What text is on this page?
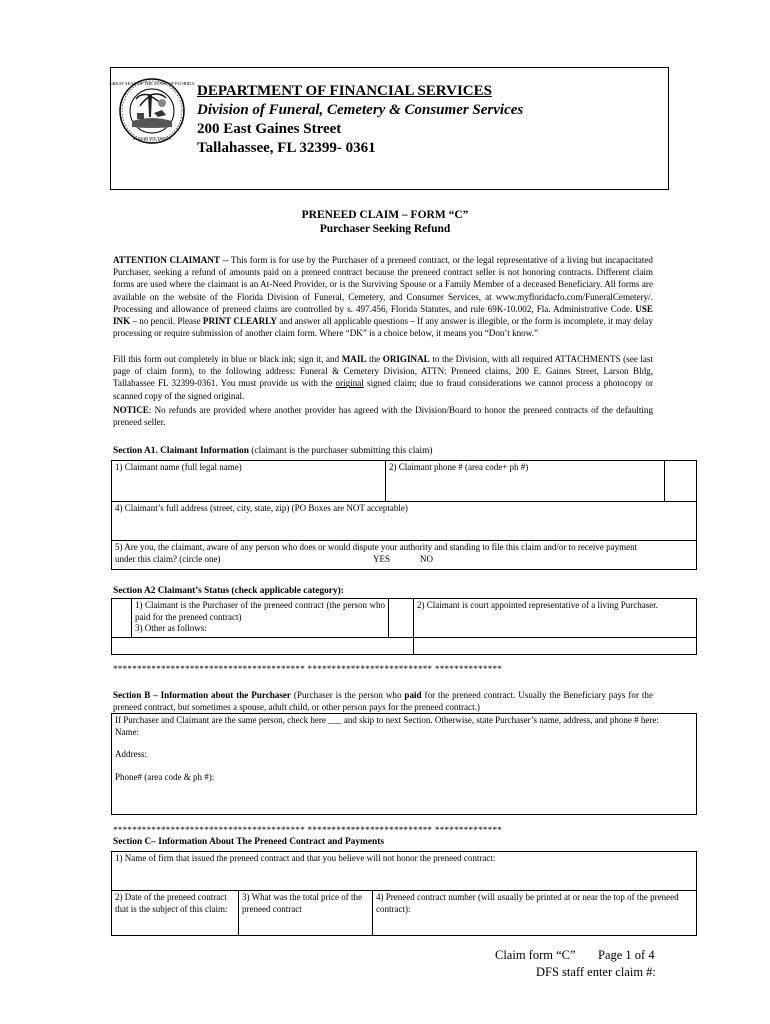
GREAT SEAL OF THE STATE OF FLORIDA
IN GOD WE TRUST
DEPARTMENT OF FINANCIAL SERVICES
Division of Funeral, Cemetery & Consumer Services
200 East Gaines Street
Tallahassee, FL 32399- 0361
PRENEED CLAIM – FORM “C”
Purchaser Seeking Refund
ATTENTION CLAIMANT -- This form is for use by the Purchaser of a preneed contract, or the legal representative of a living but incapacitated Purchaser, seeking a refund of amounts paid on a preneed contract because the preneed contract seller is not honoring contracts. Different claim forms are used where the claimant is an At-Need Provider, or is the Surviving Spouse or a Family Member of a deceased Beneficiary. All forms are available on the website of the Florida Division of Funeral, Cemetery, and Consumer Services, at www.myfloridacfo.com/FuneralCemetery/. Processing and allowance of preneed claims are controlled by s. 497.456, Florida Statutes, and rule 69K-10.002, Fla. Administrative Code. USE INK – no pencil. Please PRINT CLEARLY and answer all applicable questions – If any answer is illegible, or the form is incomplete, it may delay processing or require submission of another claim form. Where “DK” is a choice below, it means you “Don’t know.”
Fill this form out completely in blue or black ink; sign it, and MAIL the ORIGINAL to the Division, with all required ATTACHMENTS (see last page of claim form), to the following address: Funeral & Cemetery Division, ATTN: Preneed claims, 200 E. Gaines Street, Larson Bldg, Tallahassee FL 32399-0361. You must provide us with the original signed claim; due to fraud considerations we cannot process a photocopy or scanned copy of the signed original.
NOTICE: No refunds are provided where another provider has agreed with the Division/Board to honor the preneed contracts of the defaulting preneed seller.
Section A1. Claimant Information (claimant is the purchaser submitting this claim)
1) Claimant name (full legal name)	2) Claimant phone # (area code+ ph #)
4) Claimant’s full address (street, city, state, zip) (PO Boxes are NOT acceptable)
5) Are you, the claimant, aware of any person who does or would dispute your authority and standing to file this claim and/or to receive payment under this claim? (circle one)	YES	NO
Section A2 Claimant’s Status (check applicable category):
1) Claimant is the Purchaser of the preneed contract (the person who paid for the preneed contract)
3) Other as follows:
2) Claimant is court appointed representative of a living Purchaser.
**************************************** ************************** **************
Section B – Information about the Purchaser (Purchaser is the person who paid for the preneed contract. Usually the Beneficiary pays for the preneed contract, but sometimes a spouse, adult child, or other person pays for the preneed contract.)
If Purchaser and Claimant are the same person, check here ___ and skip to next Section. Otherwise, state Purchaser’s name, address, and phone # here:
Name:
Address:
Phone# (area code & ph #):
**************************************** ************************** **************
Section C– Information About The Preneed Contract and Payments
1) Name of firm that issued the preneed contract and that you believe will not honor the preneed contract:
2) Date of the preneed contract that is the subject of this claim:
3) What was the total price of the preneed contract
4) Preneed contract number (will usually be printed at or near the top of the preneed contract):
Claim form “C” Page 1 of 4
DFS staff enter claim #:
